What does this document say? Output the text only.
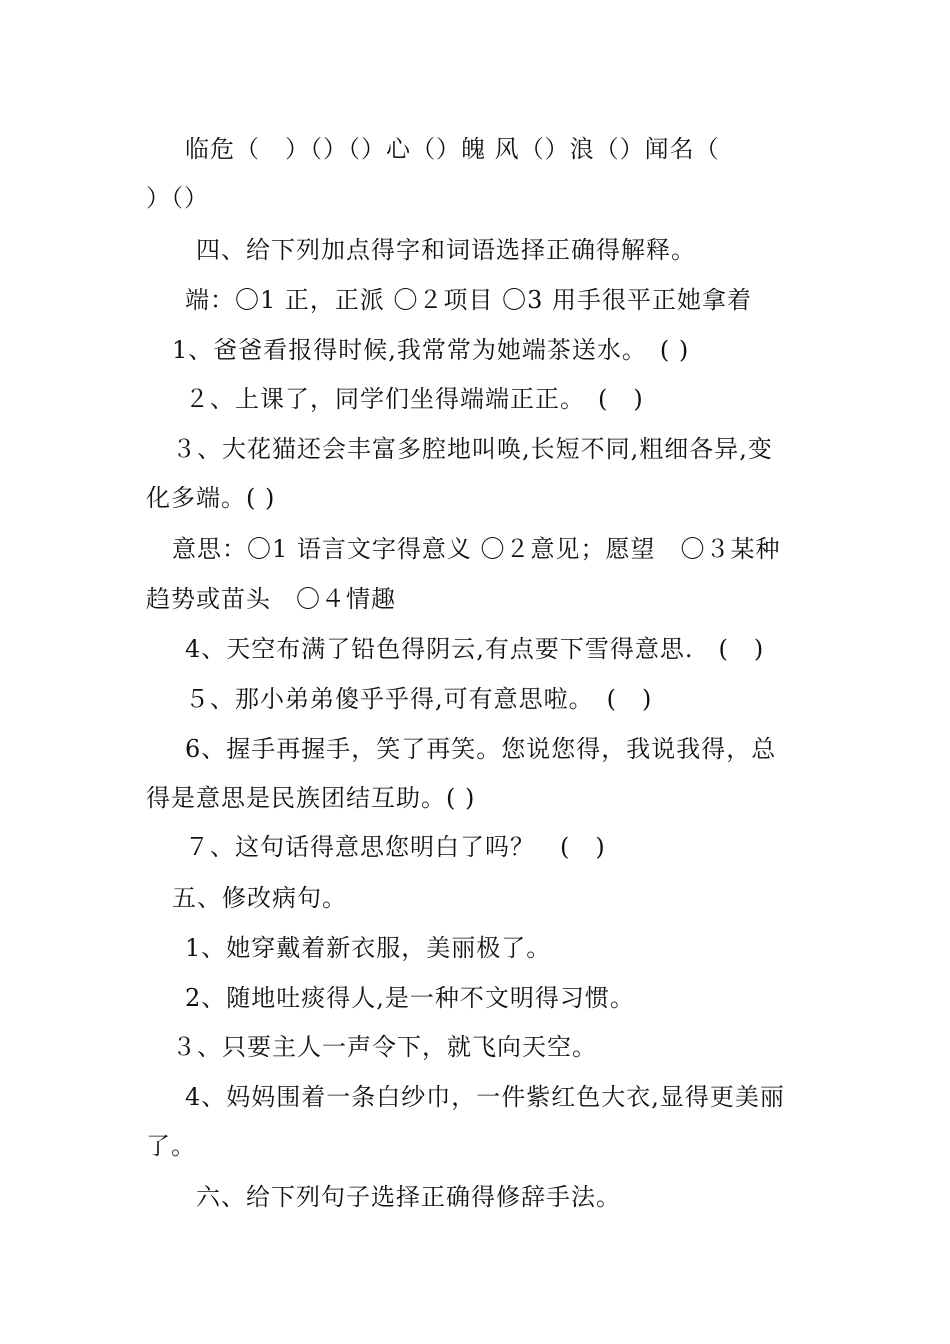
临危（　）（）（）心（）魄 风（）浪（）闻名（
）（）
四、给下列加点得字和词语选择正确得解释。
端：〇1 正，正派 〇２项目 〇3 用手很平正她拿着
1、爸爸看报得时候,我常常为她端茶送水。　( )
２、上课了，同学们坐得端端正正。　(　)
３、大花猫还会丰富多腔地叫唤,长短不同,粗细各异,变
化多端。( )
意思：〇1 语言文字得意义 〇２意见；愿望　〇３某种
趋势或苗头　〇４情趣
4、天空布满了铅色得阴云,有点要下雪得意思.　(　)
５、那小弟弟傻乎乎得,可有意思啦。　(　)
6、握手再握手，笑了再笑。您说您得，我说我得，总
得是意思是民族团结互助。( )
７、这句话得意思您明白了吗？　(　)
五、修改病句。
1、她穿戴着新衣服，美丽极了。
2、随地吐痰得人,是一种不文明得习惯。
３、只要主人一声令下，就飞向天空。
4、妈妈围着一条白纱巾，一件紫红色大衣,显得更美丽
了。
六、给下列句子选择正确得修辞手法。
